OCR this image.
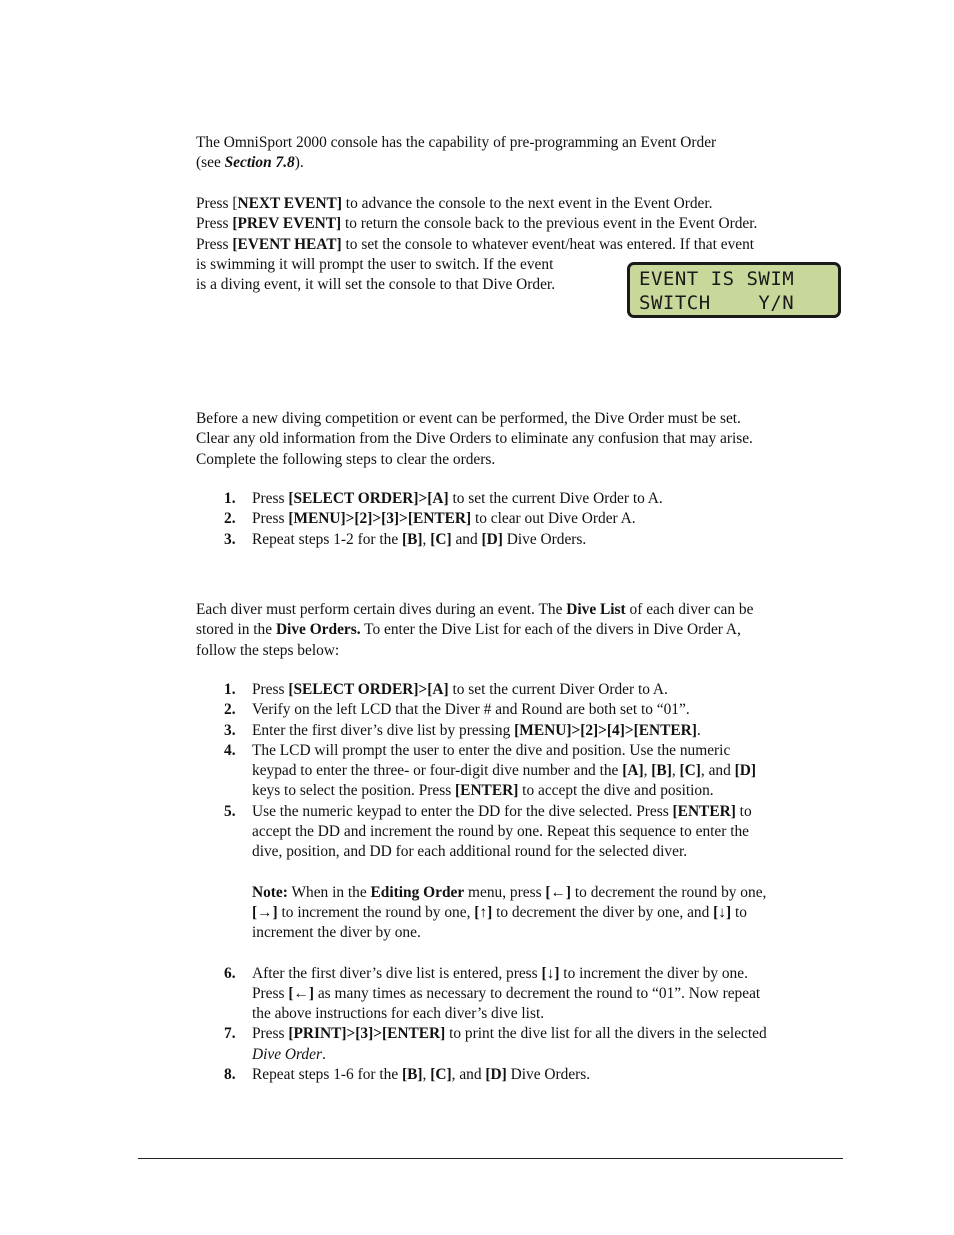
The OmniSport 2000 console has the capability of pre-programming an Event Order
(see Section 7.8).

Press [NEXT EVENT] to advance the console to the next event in the Event Order.
Press [PREV EVENT] to return the console back to the previous event in the Event Order.
Press [EVENT HEAT] to set the console to whatever event/heat was entered. If that event
is swimming it will prompt the user to switch. If the event
is a diving event, it will set the console to that Dive Order.	EVENT IS SWIM
SWITCH    Y/N

Before a new diving competition or event can be performed, the Dive Order must be set.
Clear any old information from the Dive Orders to eliminate any confusion that may arise.
Complete the following steps to clear the orders.

1. Press [SELECT ORDER]>[A] to set the current Dive Order to A.
2. Press [MENU]>[2]>[3]>[ENTER] to clear out Dive Order A.
3. Repeat steps 1-2 for the [B], [C] and [D] Dive Orders.

Each diver must perform certain dives during an event. The Dive List of each diver can be
stored in the Dive Orders. To enter the Dive List for each of the divers in Dive Order A,
follow the steps below:

1. Press [SELECT ORDER]>[A] to set the current Diver Order to A.
2. Verify on the left LCD that the Diver # and Round are both set to “01”.
3. Enter the first diver’s dive list by pressing [MENU]>[2]>[4]>[ENTER].
4. The LCD will prompt the user to enter the dive and position. Use the numeric
keypad to enter the three- or four-digit dive number and the [A], [B], [C], and [D]
keys to select the position. Press [ENTER] to accept the dive and position.
5. Use the numeric keypad to enter the DD for the dive selected. Press [ENTER] to
accept the DD and increment the round by one. Repeat this sequence to enter the
dive, position, and DD for each additional round for the selected diver.
Note: When in the Editing Order menu, press [←] to decrement the round by one,
[→] to increment the round by one, [↑] to decrement the diver by one, and [↓] to
increment the diver by one.
6. After the first diver’s dive list is entered, press [↓] to increment the diver by one.
Press [←] as many times as necessary to decrement the round to “01”. Now repeat
the above instructions for each diver’s dive list.
7. Press [PRINT]>[3]>[ENTER] to print the dive list for all the divers in the selected
Dive Order.
8. Repeat steps 1-6 for the [B], [C], and [D] Dive Orders.
